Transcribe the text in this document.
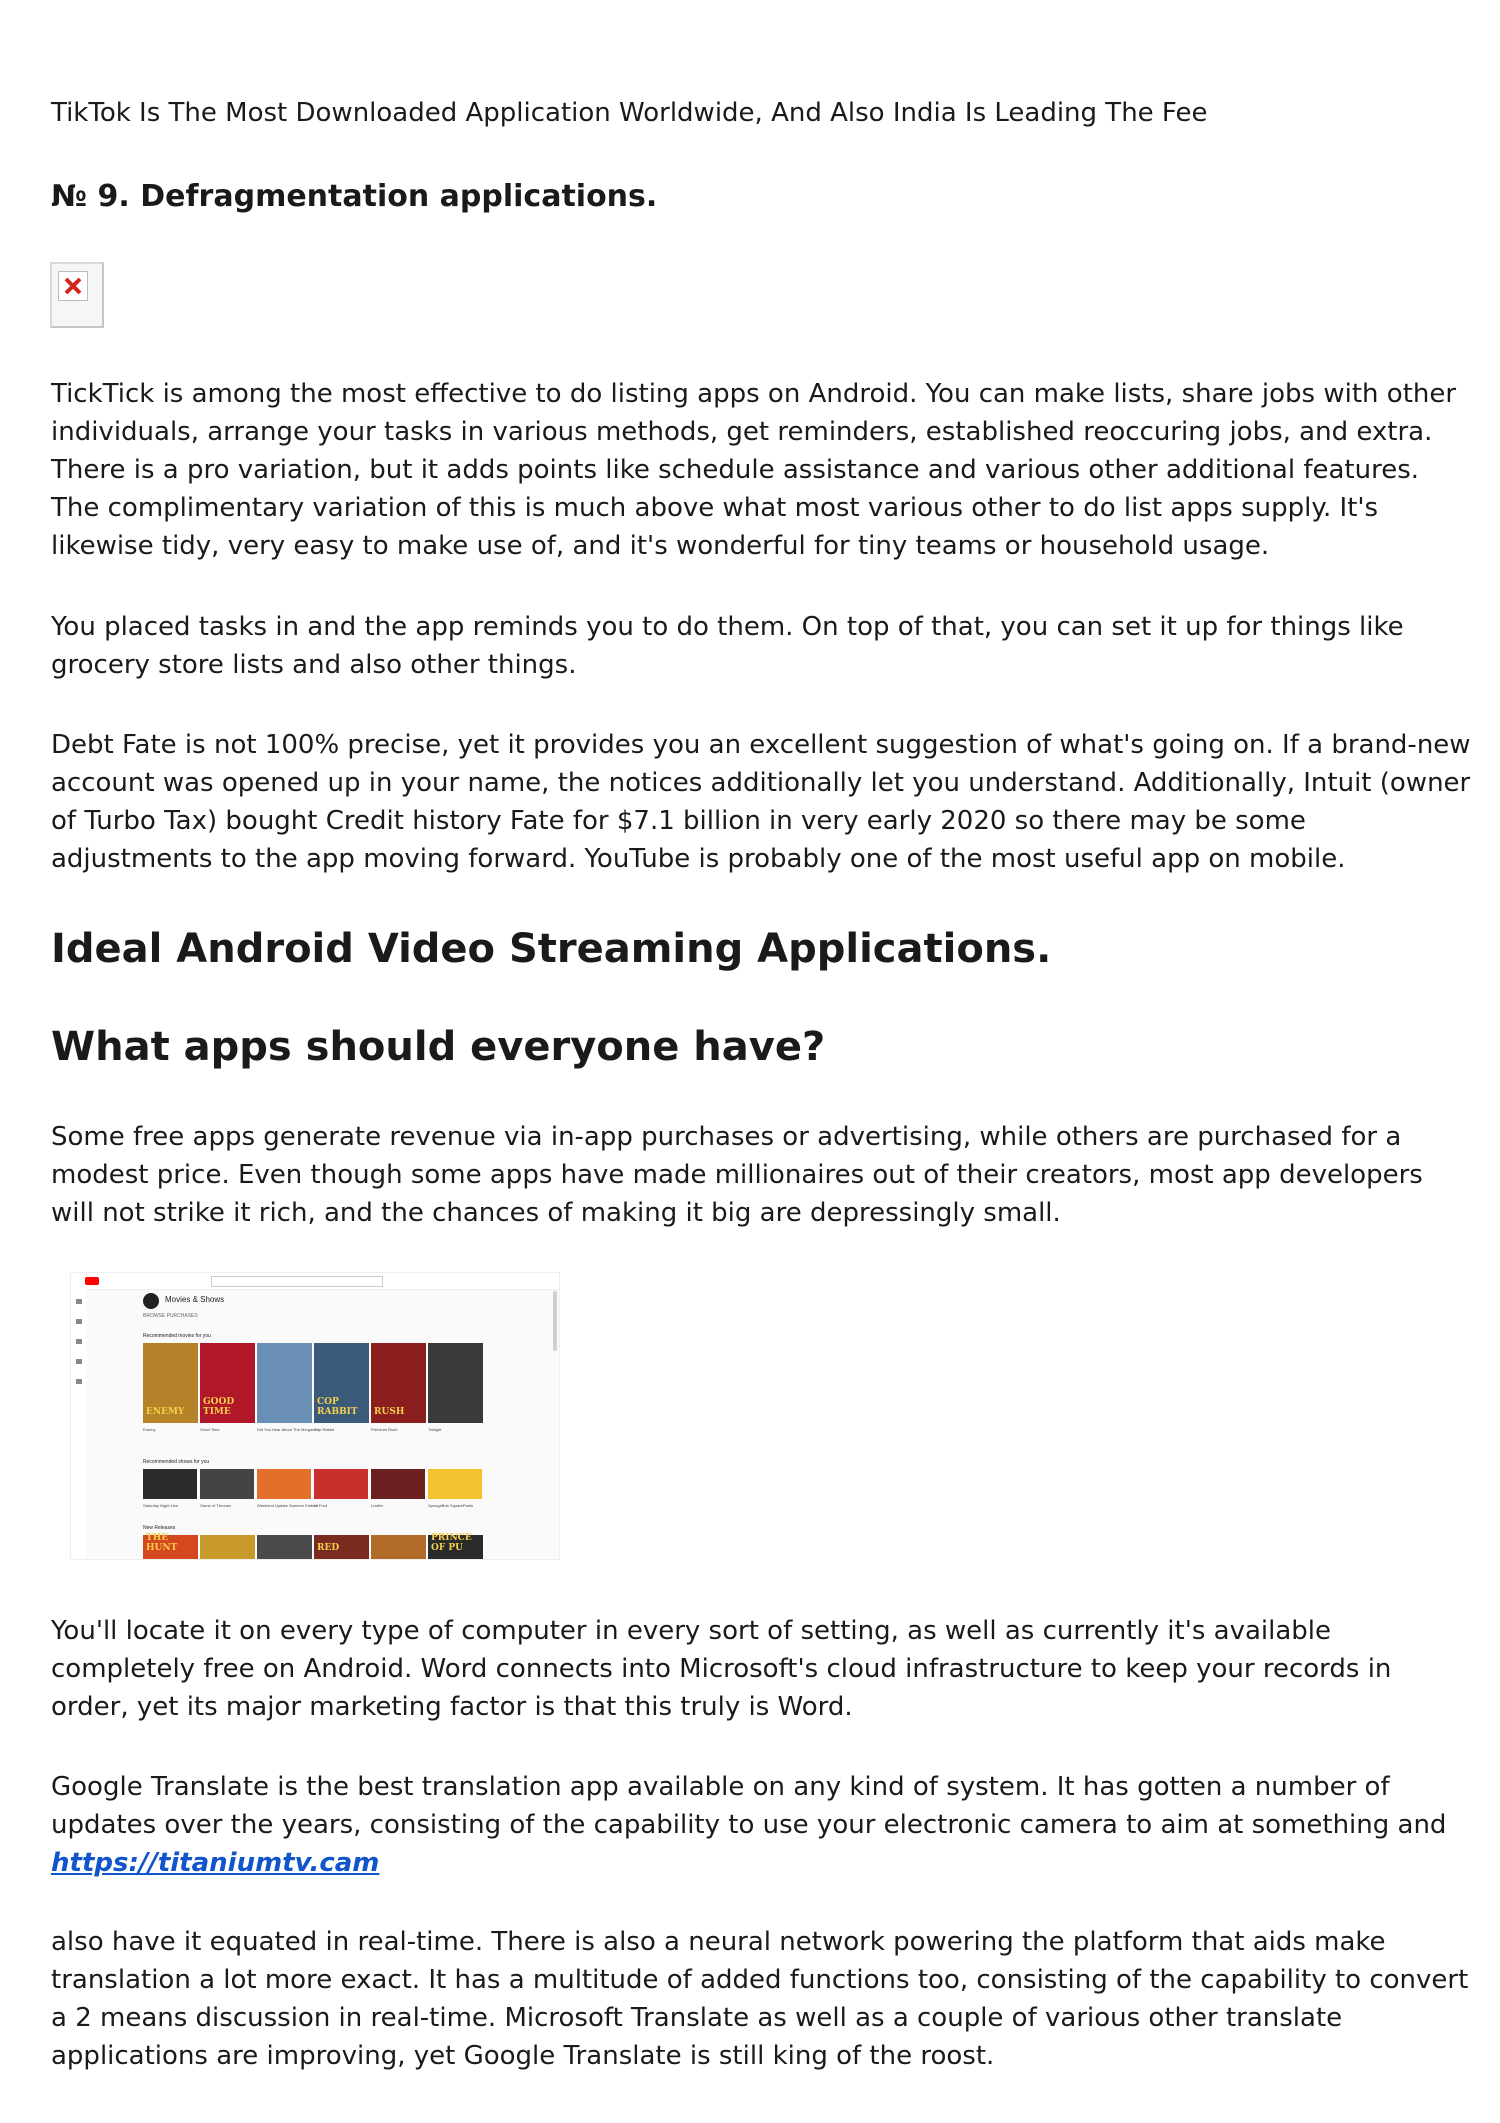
TikTok Is The Most Downloaded Application Worldwide, And Also India Is Leading The Fee

№ 9. Defragmentation applications.

TickTick is among the most effective to do listing apps on Android. You can make lists, share jobs with other individuals, arrange your tasks in various methods, get reminders, established reoccuring jobs, and extra. There is a pro variation, but it adds points like schedule assistance and various other additional features. The complimentary variation of this is much above what most various other to do list apps supply. It's likewise tidy, very easy to make use of, and it's wonderful for tiny teams or household usage.

You placed tasks in and the app reminds you to do them. On top of that, you can set it up for things like grocery store lists and also other things.

Debt Fate is not 100% precise, yet it provides you an excellent suggestion of what's going on. If a brand-new account was opened up in your name, the notices additionally let you understand. Additionally, Intuit (owner of Turbo Tax) bought Credit history Fate for $7.1 billion in very early 2020 so there may be some adjustments to the app moving forward. YouTube is probably one of the most useful app on mobile.

Ideal Android Video Streaming Applications.
What apps should everyone have?

Some free apps generate revenue via in-app purchases or advertising, while others are purchased for a modest price. Even though some apps have made millionaires out of their creators, most app developers will not strike it rich, and the chances of making it big are depressingly small.

Movies & Shows
BROWSE PURCHASES
Recommended movies for you
Recommended shows for you
New Releases
ENEMY
Enemy
GOOD TIME
Good Time	Did You Hear About The Morgans?
COP RABBIT
Cop Rabbit
RUSH
Premium Rush	Twilight
Saturday Night Live	Game of Thrones	Weekend Update Summer Edition
Hi Fred	Lucifer	SpongeBob SquarePants
THE HUNT	RED
PRINCE OF PU

You'll locate it on every type of computer in every sort of setting, as well as currently it's available completely free on Android. Word connects into Microsoft's cloud infrastructure to keep your records in order, yet its major marketing factor is that this truly is Word.

Google Translate is the best translation app available on any kind of system. It has gotten a number of updates over the years, consisting of the capability to use your electronic camera to aim at something and

https://titaniumtv.cam

also have it equated in real-time. There is also a neural network powering the platform that aids make translation a lot more exact. It has a multitude of added functions too, consisting of the capability to convert a 2 means discussion in real-time. Microsoft Translate as well as a couple of various other translate applications are improving, yet Google Translate is still king of the roost.
